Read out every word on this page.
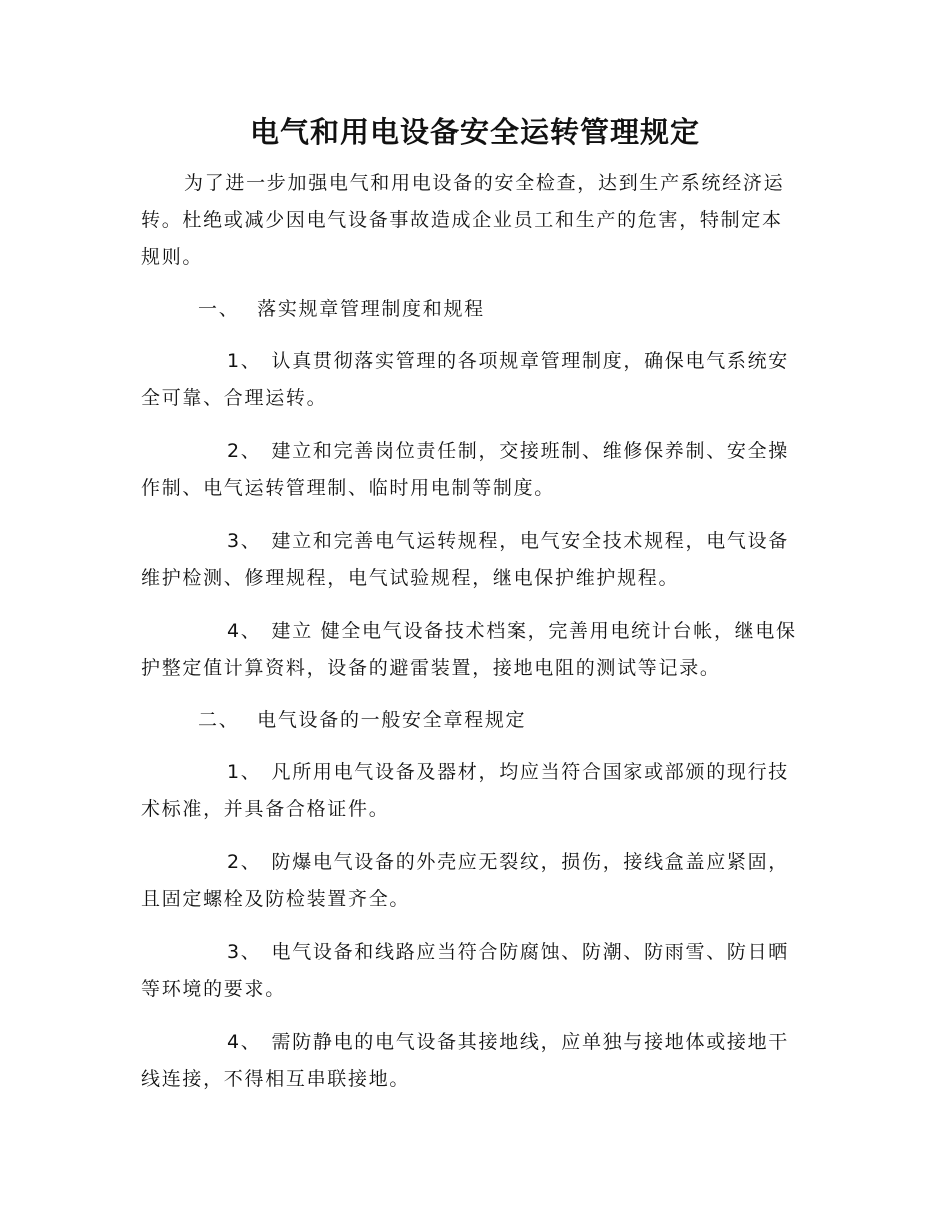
电气和用电设备安全运转管理规定

为了进一步加强电气和用电设备的安全检查，达到生产系统经济运转。杜绝或减少因电气设备事故造成企业员工和生产的危害，特制定本规则。

一、 落实规章管理制度和规程

1、 认真贯彻落实管理的各项规章管理制度，确保电气系统安全可靠、合理运转。

2、 建立和完善岗位责任制，交接班制、维修保养制、安全操作制、电气运转管理制、临时用电制等制度。

3、 建立和完善电气运转规程，电气安全技术规程，电气设备维护检测、修理规程，电气试验规程，继电保护维护规程。

4、 建立 健全电气设备技术档案，完善用电统计台帐，继电保护整定值计算资料，设备的避雷装置，接地电阻的测试等记录。

二、 电气设备的一般安全章程规定

1、 凡所用电气设备及器材，均应当符合国家或部颁的现行技术标准，并具备合格证件。

2、 防爆电气设备的外壳应无裂纹，损伤，接线盒盖应紧固，且固定螺栓及防检装置齐全。

3、 电气设备和线路应当符合防腐蚀、防潮、防雨雪、防日晒等环境的要求。

4、 需防静电的电气设备其接地线，应单独与接地体或接地干线连接，不得相互串联接地。
